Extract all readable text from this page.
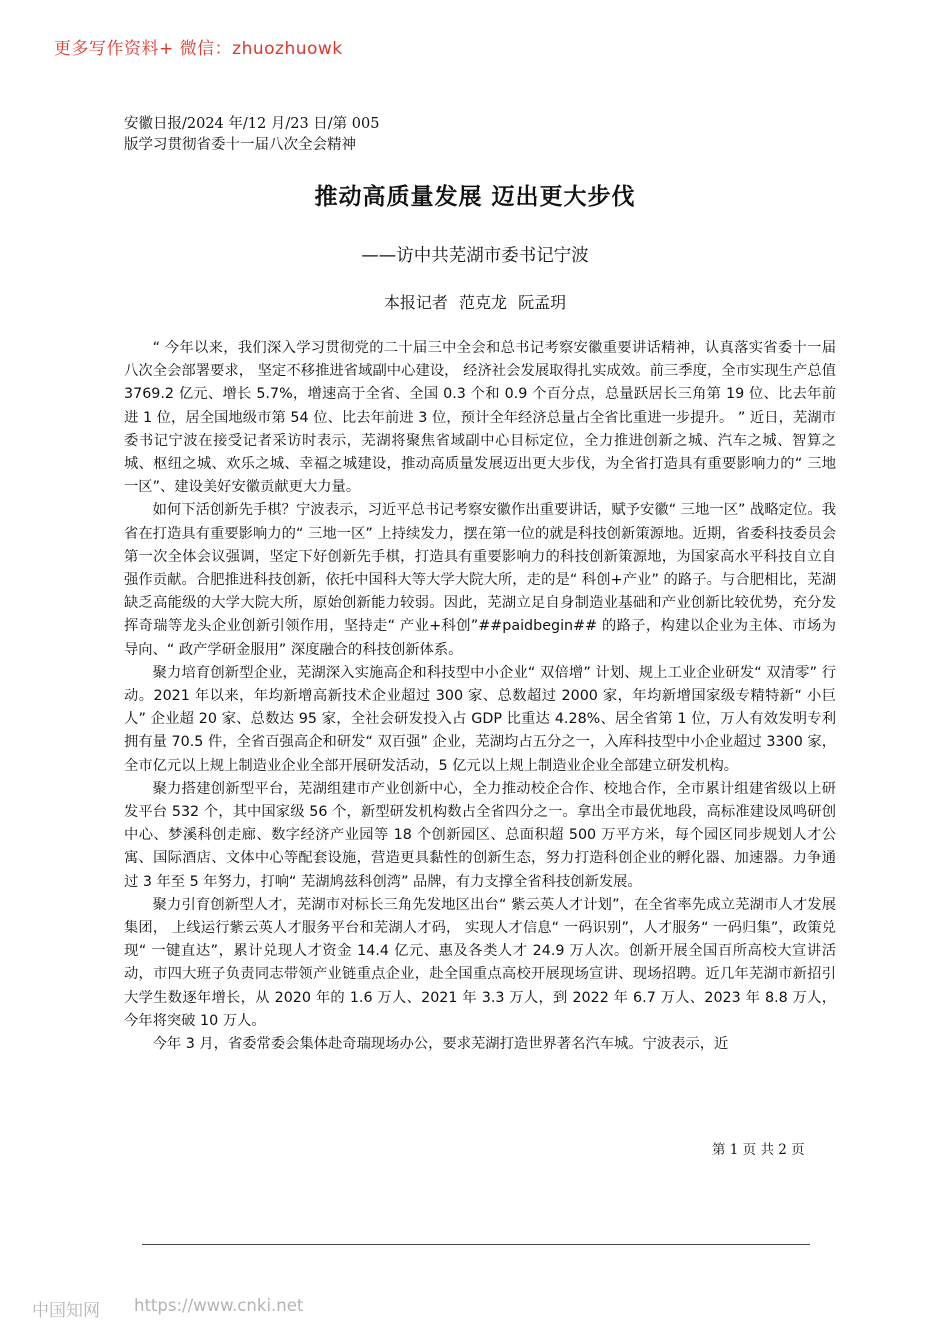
更多写作资料+ 微信：zhuozhuowk
安徽日报/2024 年/12 月/23 日/第 005
版学习贯彻省委十一届八次全会精神
推动高质量发展 迈出更大步伐
——访中共芜湖市委书记宁波
本报记者 范克龙 阮孟玥

“ 今年以来，我们深入学习贯彻党的二十届三中全会和总书记考察安徽重要讲话精神，认真落实省委十一届八次全会部署要求， 坚定不移推进省域副中心建设， 经济社会发展取得扎实成效。前三季度，全市实现生产总值 3769.2 亿元、增长 5.7%，增速高于全省、全国 0.3 个和 0.9 个百分点，总量跃居长三角第 19 位、比去年前进 1 位，居全国地级市第 54 位、比去年前进 3 位，预计全年经济总量占全省比重进一步提升。 ” 近日，芜湖市委书记宁波在接受记者采访时表示，芜湖将聚焦省域副中心目标定位，全力推进创新之城、汽车之城、智算之城、枢纽之城、欢乐之城、幸福之城建设，推动高质量发展迈出更大步伐，为全省打造具有重要影响力的“ 三地一区”、建设美好安徽贡献更大力量。

如何下活创新先手棋？宁波表示，习近平总书记考察安徽作出重要讲话，赋予安徽“ 三地一区” 战略定位。我省在打造具有重要影响力的“ 三地一区” 上持续发力，摆在第一位的就是科技创新策源地。近期，省委科技委员会第一次全体会议强调，坚定下好创新先手棋，打造具有重要影响力的科技创新策源地，为国家高水平科技自立自强作贡献。合肥推进科技创新，依托中国科大等大学大院大所，走的是“ 科创+产业” 的路子。与合肥相比，芜湖缺乏高能级的大学大院大所，原始创新能力较弱。因此，芜湖立足自身制造业基础和产业创新比较优势，充分发挥奇瑞等龙头企业创新引领作用，坚持走“ 产业+科创”##paidbegin## 的路子，构建以企业为主体、市场为导向、“ 政产学研金服用” 深度融合的科技创新体系。

聚力培育创新型企业，芜湖深入实施高企和科技型中小企业“ 双倍增” 计划、规上工业企业研发“ 双清零” 行动。2021 年以来，年均新增高新技术企业超过 300 家、总数超过 2000 家，年均新增国家级专精特新“ 小巨人” 企业超 20 家、总数达 95 家，全社会研发投入占 GDP 比重达 4.28%、居全省第 1 位，万人有效发明专利拥有量 70.5 件，全省百强高企和研发“ 双百强” 企业，芜湖均占五分之一，入库科技型中小企业超过 3300 家，全市亿元以上规上制造业企业全部开展研发活动，5 亿元以上规上制造业企业全部建立研发机构。

聚力搭建创新型平台，芜湖组建市产业创新中心，全力推动校企合作、校地合作，全市累计组建省级以上研发平台 532 个，其中国家级 56 个，新型研发机构数占全省四分之一。拿出全市最优地段，高标准建设凤鸣研创中心、梦溪科创走廊、数字经济产业园等 18 个创新园区、总面积超 500 万平方米，每个园区同步规划人才公寓、国际酒店、文体中心等配套设施，营造更具黏性的创新生态，努力打造科创企业的孵化器、加速器。力争通过 3 年至 5 年努力，打响“ 芜湖鸠兹科创湾” 品牌，有力支撑全省科技创新发展。

聚力引育创新型人才，芜湖市对标长三角先发地区出台“ 紫云英人才计划”，在全省率先成立芜湖市人才发展集团， 上线运行紫云英人才服务平台和芜湖人才码， 实现人才信息“ 一码识别”，人才服务“ 一码归集”，政策兑现“ 一键直达”，累计兑现人才资金 14.4 亿元、惠及各类人才 24.9 万人次。创新开展全国百所高校大宣讲活动，市四大班子负责同志带领产业链重点企业，赴全国重点高校开展现场宣讲、现场招聘。近几年芜湖市新招引大学生数逐年增长，从 2020 年的 1.6 万人、2021 年 3.3 万人，到 2022 年 6.7 万人、2023 年 8.8 万人，今年将突破 10 万人。

今年 3 月，省委常委会集体赴奇瑞现场办公，要求芜湖打造世界著名汽车城。宁波表示，近

第 1 页 共 2 页
中国知网 https://www.cnki.net
